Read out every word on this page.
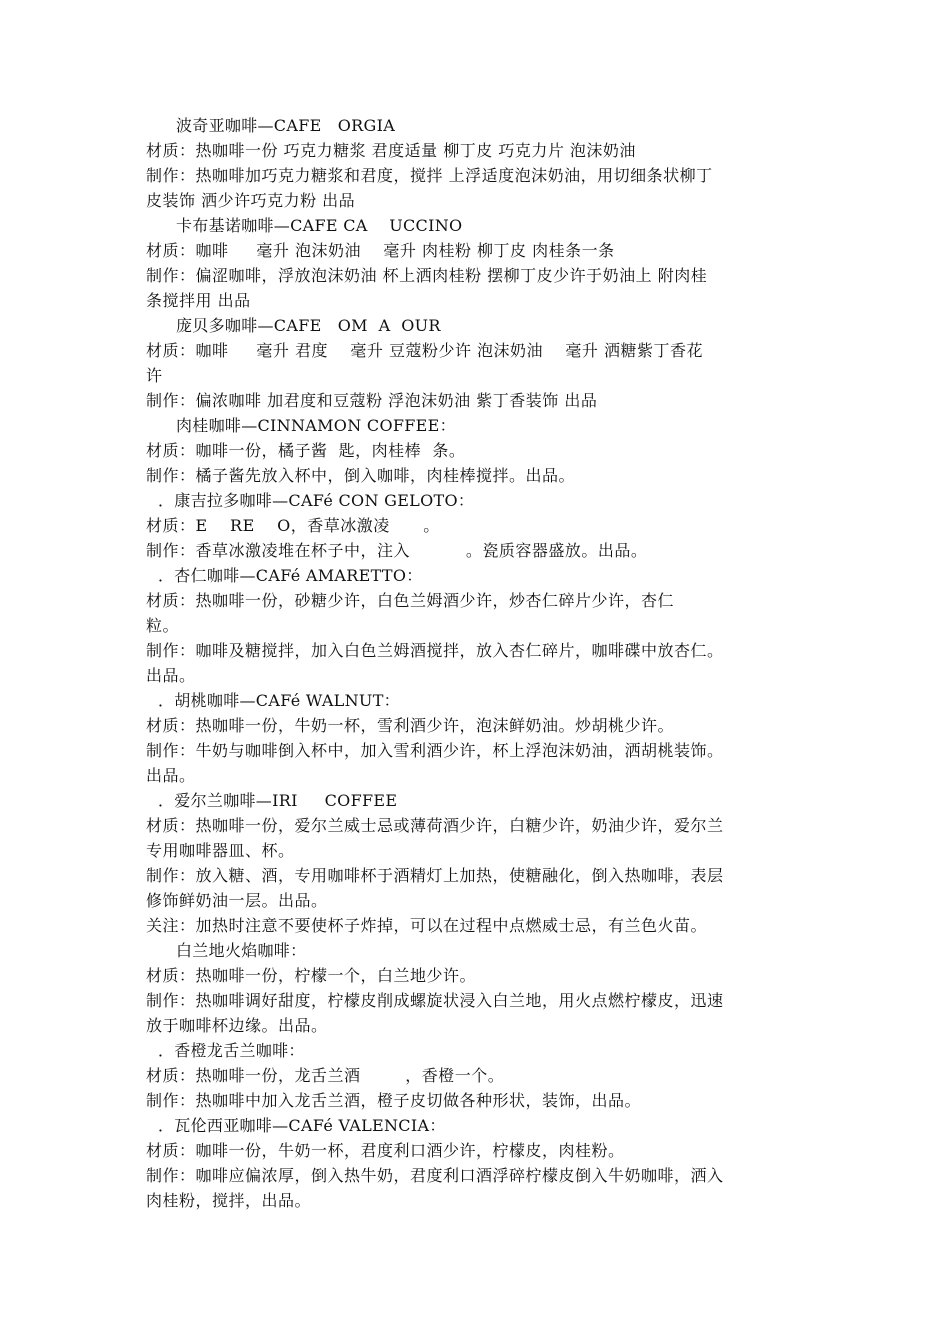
波奇亚咖啡—CAFE   ORGIA

材质：热咖啡一份 巧克力糖浆 君度适量 柳丁皮 巧克力片 泡沫奶油

制作：热咖啡加巧克力糖浆和君度，搅拌 上浮适度泡沫奶油，用切细条状柳丁

皮装饰 洒少许巧克力粉 出品

卡布基诺咖啡—CAFE CA    UCCINO

材质：咖啡     毫升 泡沫奶油    毫升 肉桂粉 柳丁皮 肉桂条一条

制作：偏涩咖啡，浮放泡沫奶油 杯上洒肉桂粉 摆柳丁皮少许于奶油上 附肉桂

条搅拌用 出品

庞贝多咖啡—CAFE   OM  A  OUR

材质：咖啡     毫升 君度    毫升 豆蔻粉少许 泡沫奶油    毫升 洒糖紫丁香花

许

制作：偏浓咖啡 加君度和豆蔻粉 浮泡沫奶油 紫丁香装饰 出品

肉桂咖啡—CINNAMON COFFEE：

材质：咖啡一份，橘子酱  匙，肉桂棒  条。

制作：橘子酱先放入杯中，倒入咖啡，肉桂棒搅拌。出品。

．康吉拉多咖啡—CAFé CON GELOTO：

材质：E    RE    O，香草冰激凌      。

制作：香草冰激凌堆在杯子中，注入          。瓷质容器盛放。出品。

．杏仁咖啡—CAFé AMARETTO：

材质：热咖啡一份，砂糖少许，白色兰姆酒少许，炒杏仁碎片少许，杏仁

粒。

制作：咖啡及糖搅拌，加入白色兰姆酒搅拌，放入杏仁碎片，咖啡碟中放杏仁。

出品。

．胡桃咖啡—CAFé WALNUT：

材质：热咖啡一份，牛奶一杯，雪利酒少许，泡沫鲜奶油。炒胡桃少许。

制作：牛奶与咖啡倒入杯中，加入雪利酒少许，杯上浮泡沫奶油，洒胡桃装饰。

出品。

．爱尔兰咖啡—IRI     COFFEE

材质：热咖啡一份，爱尔兰威士忌或薄荷酒少许，白糖少许，奶油少许，爱尔兰

专用咖啡器皿、杯。

制作：放入糖、酒，专用咖啡杯于酒精灯上加热，使糖融化，倒入热咖啡，表层

修饰鲜奶油一层。出品。

关注：加热时注意不要使杯子炸掉，可以在过程中点燃威士忌，有兰色火苗。

白兰地火焰咖啡：

材质：热咖啡一份，柠檬一个，白兰地少许。

制作：热咖啡调好甜度，柠檬皮削成螺旋状浸入白兰地，用火点燃柠檬皮，迅速

放于咖啡杯边缘。出品。

．香橙龙舌兰咖啡：

材质：热咖啡一份，龙舌兰酒        ，香橙一个。

制作：热咖啡中加入龙舌兰酒，橙子皮切做各种形状，装饰，出品。

．瓦伦西亚咖啡—CAFé VALENCIA：

材质：咖啡一份，牛奶一杯，君度利口酒少许，柠檬皮，肉桂粉。

制作：咖啡应偏浓厚，倒入热牛奶，君度利口酒浮碎柠檬皮倒入牛奶咖啡，洒入

肉桂粉，搅拌，出品。
